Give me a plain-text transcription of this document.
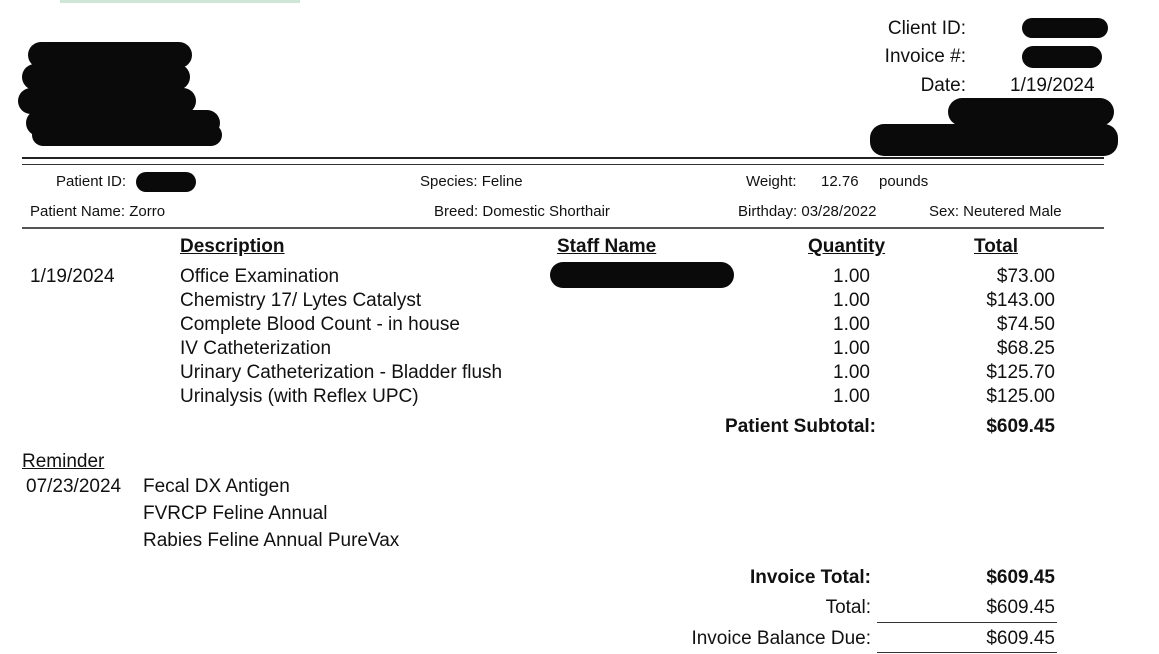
Client ID:
Invoice #:
Date: 1/19/2024
Patient ID:	Species: Feline	Weight: 12.76 pounds
Patient Name: Zorro	Breed: Domestic Shorthair	Birthday: 03/28/2022	Sex: Neutered Male
Description	Staff Name	Quantity	Total
1/19/2024	Office Examination	1.00	$73.00
Chemistry 17/ Lytes Catalyst	1.00	$143.00
Complete Blood Count - in house	1.00	$74.50
IV Catheterization	1.00	$68.25
Urinary Catheterization - Bladder flush	1.00	$125.70
Urinalysis (with Reflex UPC)	1.00	$125.00
Patient Subtotal:	$609.45
Reminder
07/23/2024 Fecal DX Antigen
FVRCP Feline Annual
Rabies Feline Annual PureVax
Invoice Total:	$609.45
Total:	$609.45
Invoice Balance Due:	$609.45
